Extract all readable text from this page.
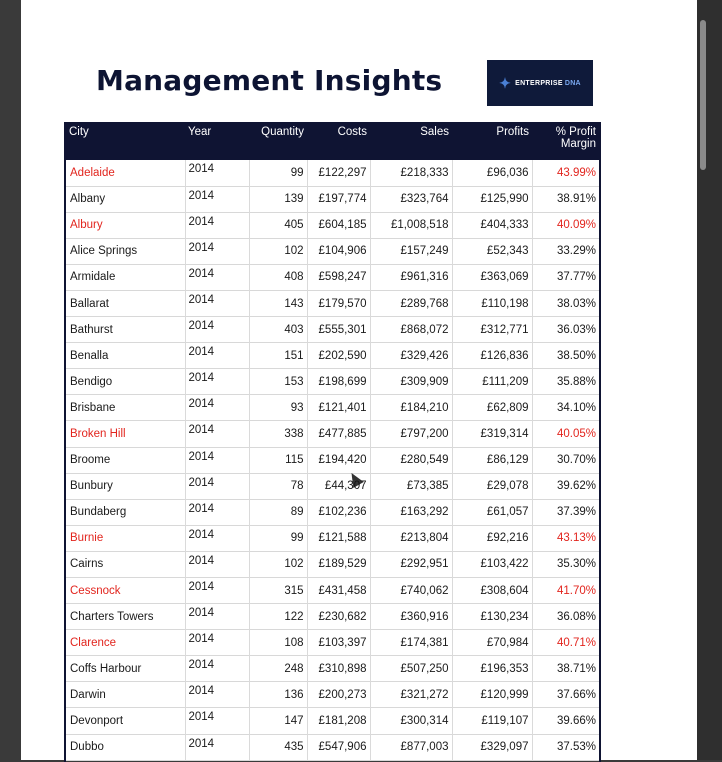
Management Insights	✦ ENTERPRISE DNA
City	Year	Quantity	Costs	Sales	Profits	% Profit Margin
Adelaide	2014	99	£122,297	£218,333	£96,036	43.99%
Albany	2014	139	£197,774	£323,764	£125,990	38.91%
Albury	2014	405	£604,185	£1,008,518	£404,333	40.09%
Alice Springs	2014	102	£104,906	£157,249	£52,343	33.29%
Armidale	2014	408	£598,247	£961,316	£363,069	37.77%
Ballarat	2014	143	£179,570	£289,768	£110,198	38.03%
Bathurst	2014	403	£555,301	£868,072	£312,771	36.03%
Benalla	2014	151	£202,590	£329,426	£126,836	38.50%
Bendigo	2014	153	£198,699	£309,909	£111,209	35.88%
Brisbane	2014	93	£121,401	£184,210	£62,809	34.10%
Broken Hill	2014	338	£477,885	£797,200	£319,314	40.05%
Broome	2014	115	£194,420	£280,549	£86,129	30.70%
Bunbury	2014	78	£44,307	£73,385	£29,078	39.62%
Bundaberg	2014	89	£102,236	£163,292	£61,057	37.39%
Burnie	2014	99	£121,588	£213,804	£92,216	43.13%
Cairns	2014	102	£189,529	£292,951	£103,422	35.30%
Cessnock	2014	315	£431,458	£740,062	£308,604	41.70%
Charters Towers	2014	122	£230,682	£360,916	£130,234	36.08%
Clarence	2014	108	£103,397	£174,381	£70,984	40.71%
Coffs Harbour	2014	248	£310,898	£507,250	£196,353	38.71%
Darwin	2014	136	£200,273	£321,272	£120,999	37.66%
Devonport	2014	147	£181,208	£300,314	£119,107	39.66%
Dubbo	2014	435	£547,906	£877,003	£329,097	37.53%
